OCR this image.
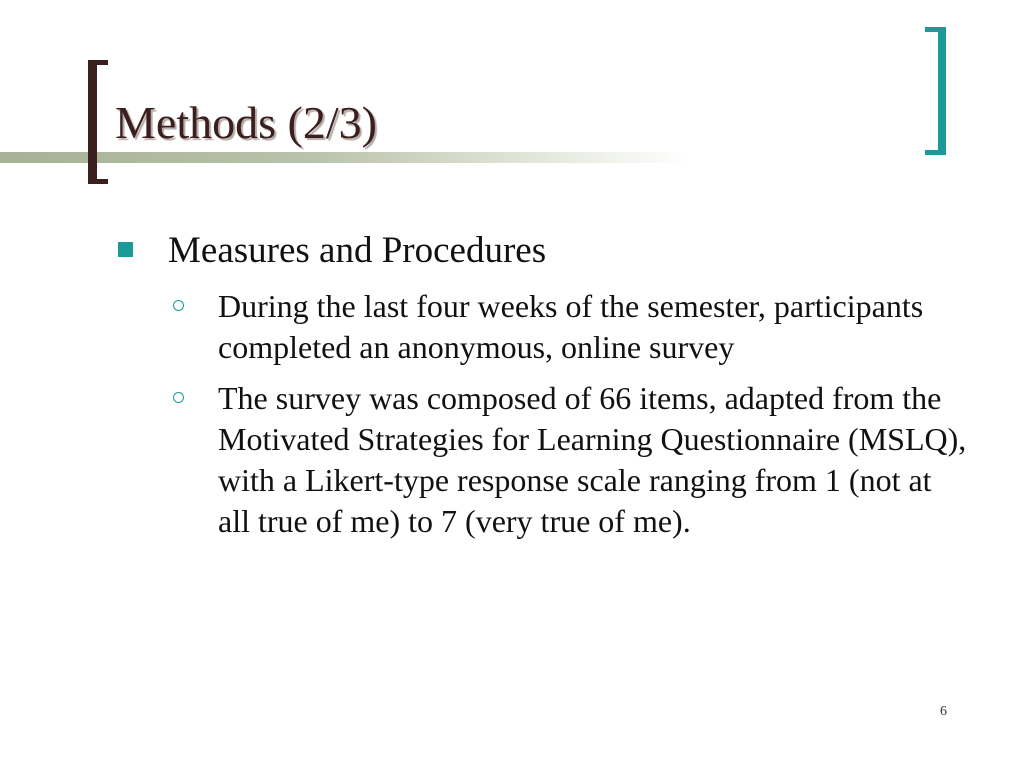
Methods (2/3)
Measures and Procedures
During the last four weeks of the semester, participants completed an anonymous, online survey
The survey was composed of 66 items, adapted from the Motivated Strategies for Learning Questionnaire (MSLQ), with a Likert-type response scale ranging from 1 (not at all true of me) to 7 (very true of me).
6
